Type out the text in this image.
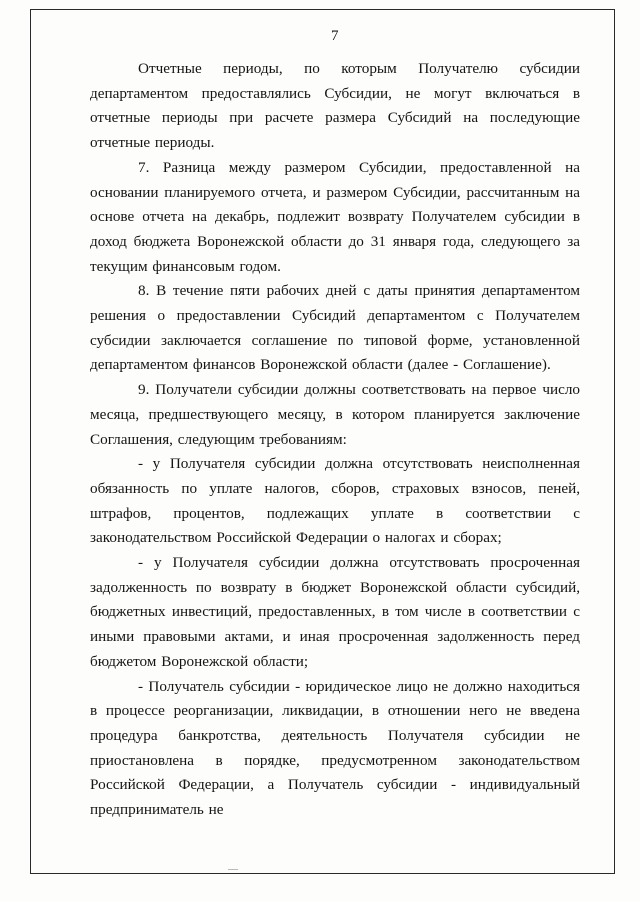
7

Отчетные периоды, по которым Получателю субсидии департаментом предоставлялись Субсидии, не могут включаться в отчетные периоды при расчете размера Субсидий на последующие отчетные периоды.

7. Разница между размером Субсидии, предоставленной на основании планируемого отчета, и размером Субсидии, рассчитанным на основе отчета на декабрь, подлежит возврату Получателем субсидии в доход бюджета Воронежской области до 31 января года, следующего за текущим финансовым годом.

8. В течение пяти рабочих дней с даты принятия департаментом решения о предоставлении Субсидий департаментом с Получателем субсидии заключается соглашение по типовой форме, установленной департаментом финансов Воронежской области (далее - Соглашение).

9. Получатели субсидии должны соответствовать на первое число месяца, предшествующего месяцу, в котором планируется заключение Соглашения, следующим требованиям:

- у Получателя субсидии должна отсутствовать неисполненная обязанность по уплате налогов, сборов, страховых взносов, пеней, штрафов, процентов, подлежащих уплате в соответствии с законодательством Российской Федерации о налогах и сборах;

- у Получателя субсидии должна отсутствовать просроченная задолженность по возврату в бюджет Воронежской области субсидий, бюджетных инвестиций, предоставленных, в том числе в соответствии с иными правовыми актами, и иная просроченная задолженность перед бюджетом Воронежской области;

- Получатель субсидии - юридическое лицо не должно находиться в процессе реорганизации, ликвидации, в отношении него не введена процедура банкротства, деятельность Получателя субсидии не приостановлена в порядке, предусмотренном законодательством Российской Федерации, а Получатель субсидии - индивидуальный предприниматель не
